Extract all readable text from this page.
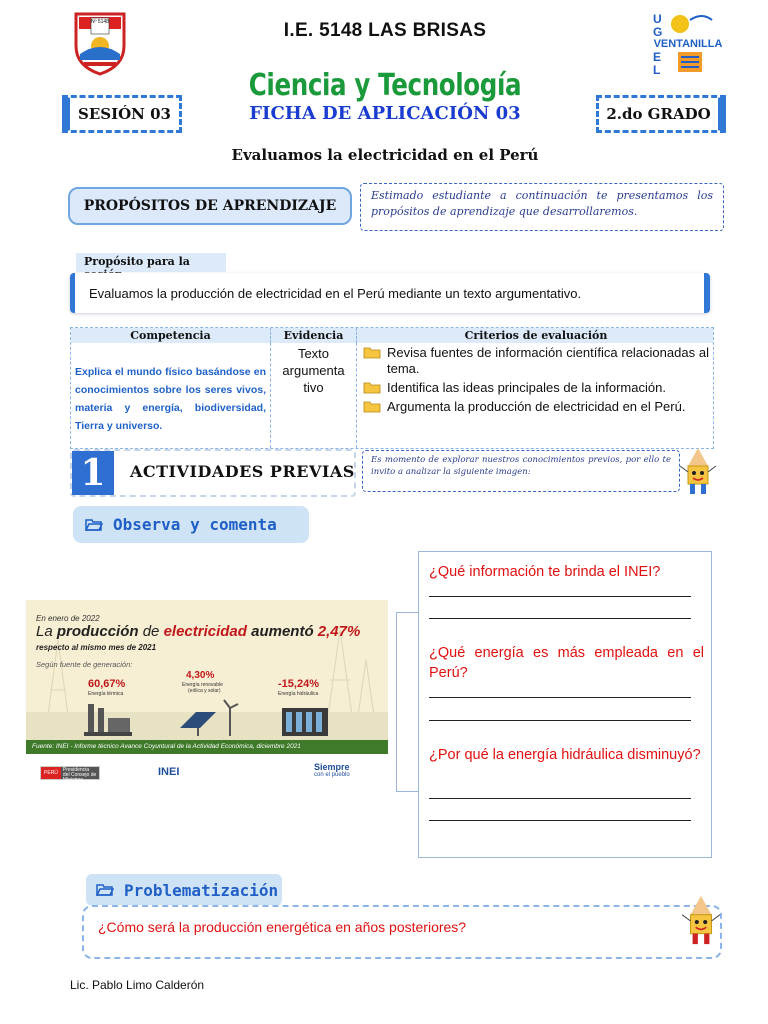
Nº 5148	I.E. 5148 LAS BRISAS
U
G
E
L
VENTANILLA
Ciencia y Tecnología
FICHA DE APLICACIÓN 03
SESIÓN 03	2.do GRADO
Evaluamos la electricidad en el Perú
PROPÓSITOS DE APRENDIZAJE
Estimado estudiante a continuación te presentamos los propósitos de aprendizaje que desarrollaremos.
Propósito para la
Evaluamos la producción de electricidad en el Perú mediante un texto argumentativo.
Competencia	Evidencia	Criterios de evaluación
Explica el mundo físico basándose en conocimientos sobre los seres vivos, materia y energía, biodiversidad, Tierra y universo.
Texto
argumenta
tivo
Revisa fuentes de información científica relacionadas al tema.
Identifica las ideas principales de la información.
Argumenta la producción de electricidad en el Perú.
1	ACTIVIDADES PREVIAS
Es momento de explorar nuestros conocimientos previos, por ello te invito a analizar la siguiente imagen:
Observa y comenta
En enero de 2022
La producción de electricidad aumentó 2,47%
respecto al mismo mes de 2021
Según fuente de generación:
60,67%
Energía térmica
4,30%
Energía renovable
(eólica y solar)
-15,24%
Energía hidráulica
Fuente: INEI - Informe técnico Avance Coyuntural de la Actividad Económica, diciembre 2021
PERÚ	Presidencia del Consejo de Ministros
INEI	Siempre
con el pueblo
¿Qué información te brinda el INEI?
¿Qué energía es más empleada en el Perú?
¿Por qué la energía hidráulica disminuyó?
Problematización
¿Cómo será la producción energética en años posteriores?
Lic. Pablo Limo Calderón
